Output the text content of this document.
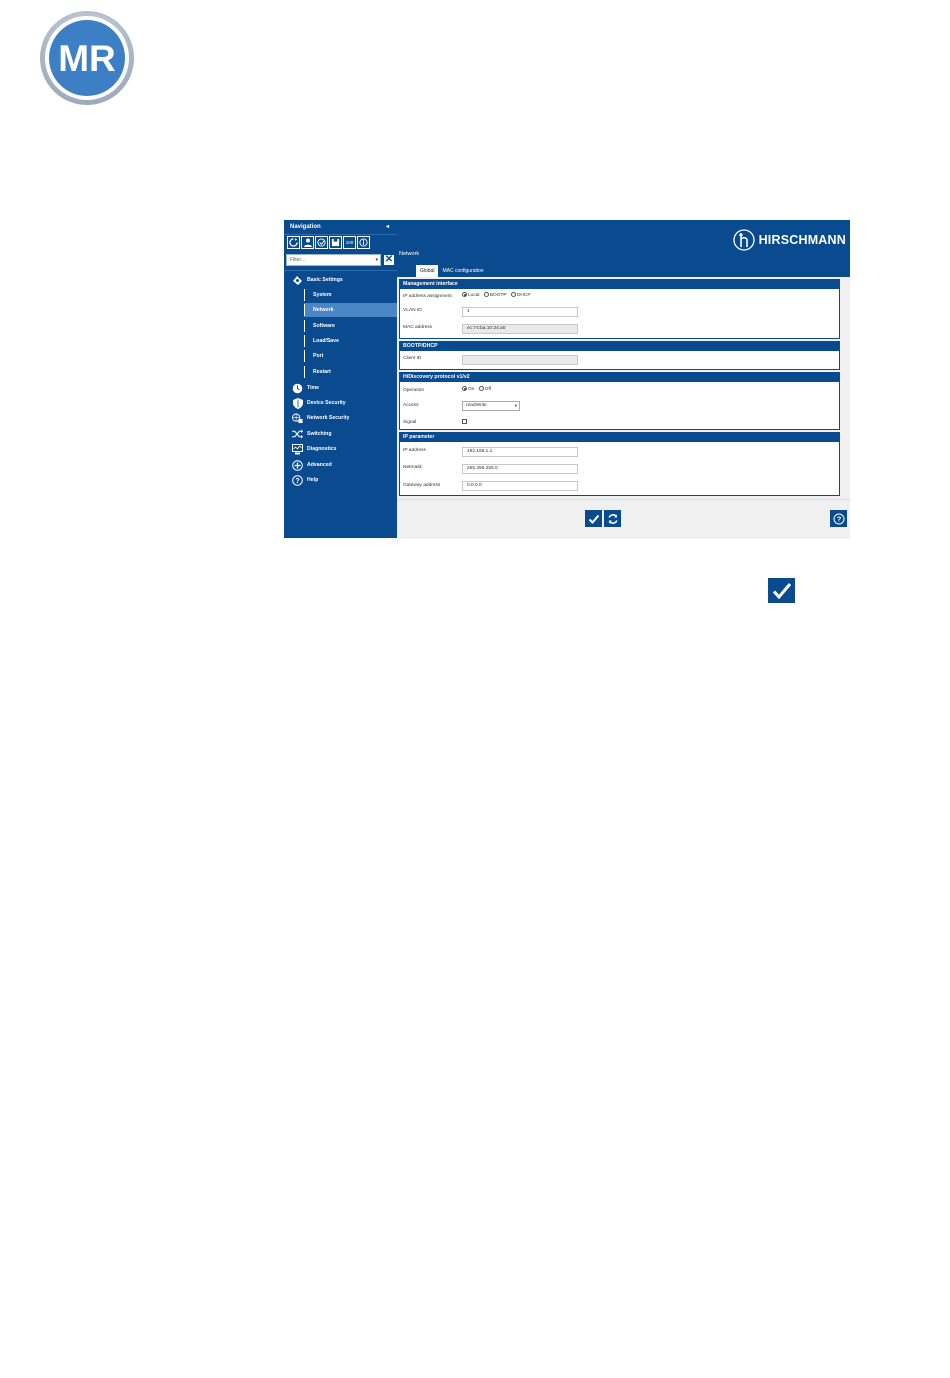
MR
Navigation	◂
100
Filter...	▾ ✕
Basic Settings
System
Network
Software
Load/Save
Port
Restart
Time
Device Security
Network Security
Switching
Diagnostics
Advanced
? Help
HIRSCHMANN
Network
Global	MAC configuration
Management interface
IP address assignment	Local BOOTP DHCP
VLAN ID	1
MAC address	ec:74:ba:10:34:a0
BOOTP/DHCP
Client ID
HiDiscovery protocol v1/v2
Operation	On Off
Access	readWrite	▾
Signal
IP parameter
IP address	192.168.1.1
Netmask	255.255.255.0
Gateway address	0.0.0.0
?
